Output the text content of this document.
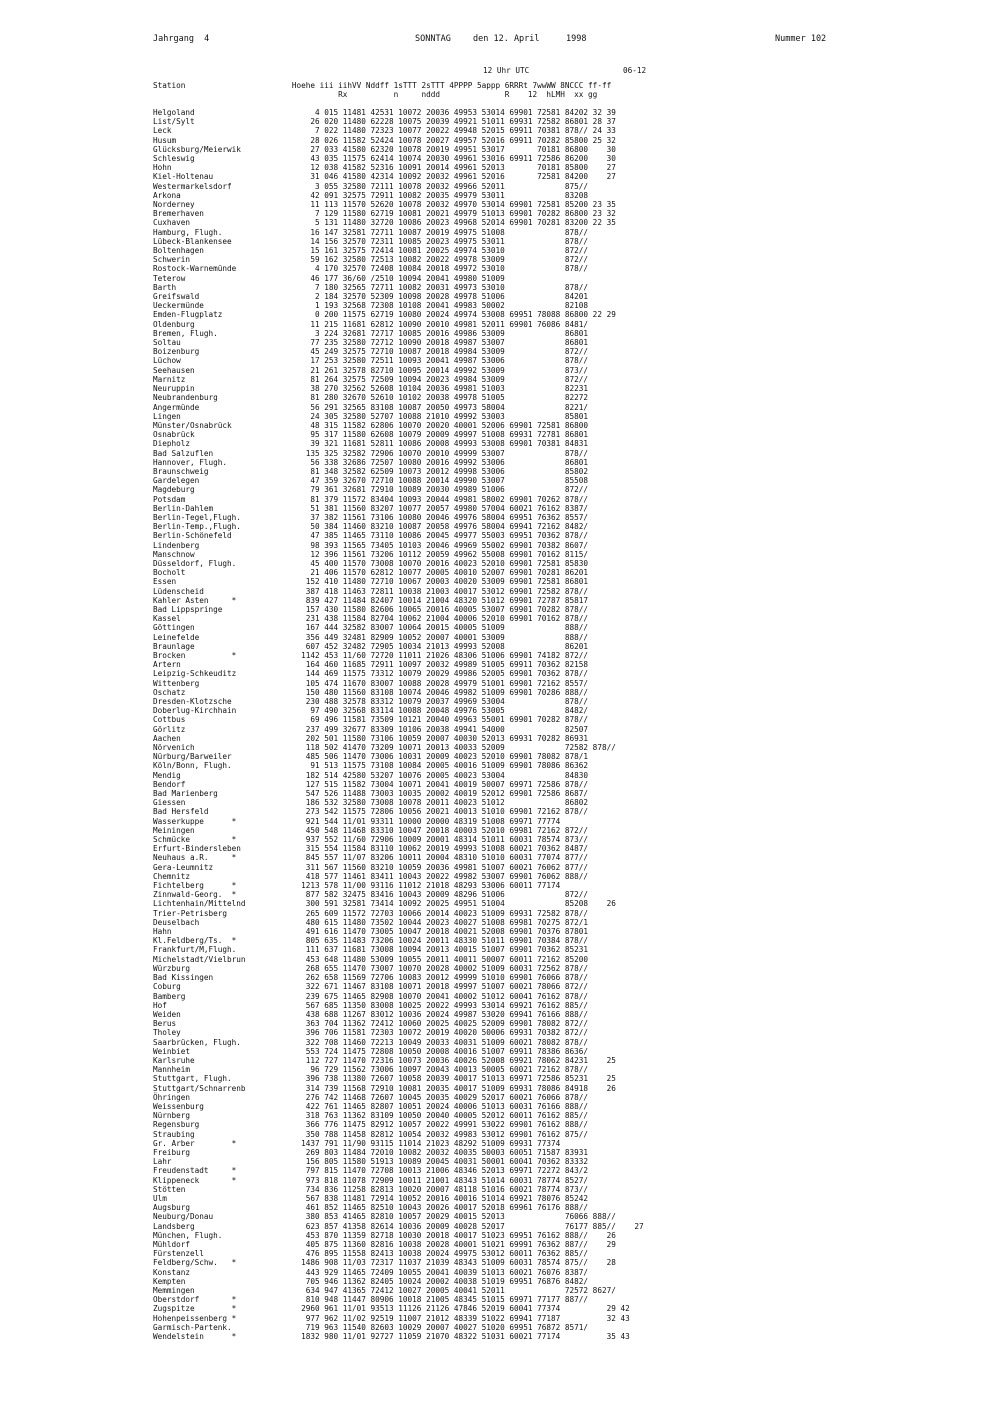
Jahrgang  4	SONNTAG	den 12. April	1998	Nummer 102
12 Uhr UTC	06-12
Station                       Hoehe iii iihVV Nddff 1sTTT 2sTTT 4PPPP 5appp 6RRRt 7wwWW 8NCCC ff-ff
Rx          n     nddd              R    12  hLMH  xx gg
Helgoland                          4 015 11481 42531 10072 20036 49953 53014 69901 72581 84202 32 39
List/Sylt                         26 020 11480 62228 10075 20039 49921 51011 69931 72582 86801 28 37
Leck                               7 022 11480 72323 10077 20022 49948 52015 69911 70381 878// 24 33
Husum                             28 026 11582 52424 10078 20027 49957 52016 69911 70282 85800 25 32
Glücksburg/Meierwik               27 033 41580 62320 10078 20019 49951 53017       70181 86800    30
Schleswig                         43 035 11575 62414 10074 20030 49961 53016 69911 72586 86200    30
Hohn                              12 038 41582 52316 10091 20014 49961 52013       70181 85800    27
Kiel-Holtenau                     31 046 41580 42314 10092 20032 49961 52016       72581 84200    27
Westermarkelsdorf                  3 055 32580 72111 10078 20032 49966 52011             875//
Arkona                            42 091 32575 72911 10082 20035 49979 53011             83208
Norderney                         11 113 11570 52620 10078 20032 49970 53014 69901 72581 85200 23 35
Bremerhaven                        7 129 11580 62719 10081 20021 49979 51013 69901 70282 86800 23 32
Cuxhaven                           5 131 11480 32720 10086 20023 49968 52014 69901 70281 83200 22 35
Hamburg, Flugh.                   16 147 32581 72711 10087 20019 49975 51008             878//
Lübeck-Blankensee                 14 156 32570 72311 10085 20023 49975 53011             878//
Boltenhagen                       15 161 32575 72414 10081 20025 49974 53010             872//
Schwerin                          59 162 32580 72513 10082 20022 49978 53009             872//
Rostock-Warnemünde                 4 170 32570 72408 10084 20018 49972 53010             878//
Teterow                           46 177 36/60 /2510 10094 20041 49980 51009
Barth                              7 180 32565 72711 10082 20031 49973 53010             878//
Greifswald                         2 184 32570 52309 10098 20028 49978 51006             84201
Ueckermünde                        1 193 32568 72308 10108 20041 49983 50002             82108
Emden-Flugplatz                    0 200 11575 62719 10080 20024 49974 53008 69951 78088 86800 22 29
Oldenburg                         11 215 11681 62812 10090 20010 49981 52011 69901 76086 8481/
Bremen, Flugh.                     3 224 32681 72717 10085 20016 49986 53009             86801
Soltau                            77 235 32580 72712 10090 20018 49987 53007             86801
Boizenburg                        45 249 32575 72710 10087 20018 49984 53009             872//
Lüchow                            17 253 32580 72511 10093 20041 49987 53006             878//
Seehausen                         21 261 32578 82710 10095 20014 49992 53009             873//
Marnitz                           81 264 32575 72509 10094 20023 49984 53009             872//
Neuruppin                         38 270 32562 52608 10104 20036 49981 51003             82231
Neubrandenburg                    81 280 32670 52610 10102 20038 49978 51005             82272
Angermünde                        56 291 32565 83108 10087 20050 49973 58004             8221/
Lingen                            24 305 32580 52707 10088 21010 49992 53003             85801
Münster/Osnabrück                 48 315 11582 62806 10070 20020 40001 52006 69901 72581 86800
Osnabrück                         95 317 11580 62608 10079 20009 49997 51008 69931 72781 86801
Diepholz                          39 321 11681 52811 10086 20008 49993 53008 69901 70381 84831
Bad Salzuflen                    135 325 32582 72906 10070 20010 49999 53007             878//
Hannover, Flugh.                  56 338 32686 72507 10080 20016 49992 53006             86801
Braunschweig                      81 348 32582 62509 10073 20012 49998 53006             85802
Gardelegen                        47 359 32670 72710 10088 20014 49990 53007             85508
Magdeburg                         79 361 32681 72910 10089 20030 49989 51006             872//
Potsdam                           81 379 11572 83404 10093 20044 49981 58002 69901 70262 878//
Berlin-Dahlem                     51 381 11560 83207 10077 20057 49980 57004 60021 76162 8387/
Berlin-Tegel,Flugh.               37 382 11561 73106 10080 20046 49976 58004 69951 76362 8557/
Berlin-Temp.,Flugh.               50 384 11460 83210 10087 20058 49976 58004 69941 72162 8482/
Berlin-Schönefeld                 47 385 11465 73110 10086 20045 49977 55003 69951 70362 878//
Lindenberg                        98 393 11565 73405 10103 20046 49969 55002 69901 70382 8607/
Manschnow                         12 396 11561 73206 10112 20059 49962 55008 69901 70162 8115/
Düsseldorf, Flugh.                45 400 11570 73008 10070 20016 40023 52010 69901 72581 85830
Bocholt                           21 406 11570 62812 10077 20005 40010 52007 69901 70281 86201
Essen                            152 410 11480 72710 10067 20003 40020 53009 69901 72581 86801
Lüdenscheid                      387 418 11463 72811 10038 21003 40017 53012 69901 72582 878//
Kahler Asten     *               839 427 11484 82407 10014 21004 48320 51012 69901 72787 85817
Bad Lippspringe                  157 430 11580 82606 10065 20016 40005 53007 69901 70282 878//
Kassel                           231 438 11584 82704 10062 21004 40006 52010 69901 70162 878//
Göttingen                        167 444 32582 83007 10064 20015 40005 51009             888//
Leinefelde                       356 449 32481 82909 10052 20007 40001 53009             888//
Braunlage                        607 452 32482 72905 10034 21013 49993 52008             86201
Brocken          *              1142 453 11/60 72720 11011 21026 48306 51006 69901 74182 872//
Artern                           164 460 11685 72911 10097 20032 49989 51005 69911 70362 82158
Leipzig-Schkeuditz               144 469 11575 73312 10079 20029 49986 52005 69901 70362 878//
Wittenberg                       105 474 11670 83007 10088 20028 49979 51001 69901 72162 8557/
Oschatz                          150 480 11560 83108 10074 20046 49982 51009 69901 70286 888//
Dresden-Klotzsche                230 488 32578 83312 10079 20037 49969 53004             878//
Doberlug-Kirchhain                97 490 32568 83114 10088 20048 49976 53005             8482/
Cottbus                           69 496 11581 73509 10121 20040 49963 55001 69901 70282 878//
Görlitz                          237 499 32677 83309 10106 20038 49941 54000             82507
Aachen                           202 501 11580 73106 10059 20007 40030 52013 69931 70282 86931
Nörvenich                        118 502 41470 73209 10071 20013 40033 52009             72582 878//
Nürburg/Barweiler                485 506 11470 73006 10031 20009 40023 52010 69901 78082 878/1
Köln/Bonn, Flugh.                 91 513 11575 73108 10084 20005 40016 51009 69901 78086 86362
Mendig                           182 514 42580 53207 10076 20005 40023 53004             84830
Bendorf                          127 515 11582 73004 10071 20041 40019 50007 69971 72586 878//
Bad Marienberg                   547 526 11488 73003 10035 20002 40019 52012 69901 72586 8687/
Giessen                          186 532 32580 73008 10078 20011 40023 51012             86802
Bad Hersfeld                     273 542 11575 72806 10056 20021 40013 51010 69901 72162 878//
Wasserkuppe      *               921 544 11/01 93311 10000 20000 48319 51008 69971 77774
Meiningen                        450 548 11468 83310 10047 20018 40003 52010 69981 72162 872//
Schmücke         *               937 552 11/60 72906 10009 20001 48314 51011 60031 78574 873//
Erfurt-Bindersleben              315 554 11584 83110 10062 20019 49993 51008 60021 70362 8487/
Neuhaus a.R.     *               845 557 11/07 83206 10011 20004 48310 51010 60031 77074 877//
Gera-Leumnitz                    311 567 11560 83210 10059 20036 49981 51007 60021 76062 877//
Chemnitz                         418 577 11461 83411 10043 20022 49982 53007 69901 76062 888//
Fichtelberg      *              1213 578 11/00 93116 11012 21018 48293 53006 60011 77174
Zinnwald-Georg.  *               877 582 32475 83416 10043 20009 48296 51006             872//
Lichtenhain/Mittelnd             300 591 32581 73414 10092 20025 49951 51004             85208    26
Trier-Petrisberg                 265 609 11572 72703 10066 20014 40023 51009 69931 72582 878//
Deuselbach                       480 615 11480 73502 10044 20023 40027 51008 69981 70275 872/1
Hahn                             491 616 11470 73005 10047 20018 40021 52008 69901 70376 87801
Kl.Feldberg/Ts.  *               805 635 11483 73206 10024 20011 48330 51011 69901 70384 878//
Frankfurt/M,Flugh.               111 637 11681 73008 10094 20013 40015 51007 69901 70362 85231
Michelstadt/Vielbrun             453 648 11480 53009 10055 20011 40011 50007 60011 72162 85200
Würzburg                         268 655 11470 73007 10070 20028 40002 51009 60031 72562 878//
Bad Kissingen                    262 658 11569 72706 10083 20012 49999 51010 69901 76066 878//
Coburg                           322 671 11467 83108 10071 20018 49997 51007 60021 78066 872//
Bamberg                          239 675 11465 82908 10070 20041 40002 51012 60041 76162 878//
Hof                              567 685 11350 83008 10025 20022 49993 53014 69921 76162 885//
Weiden                           438 688 11267 83012 10036 20024 49987 53020 69941 76166 888//
Berus                            363 704 11362 72412 10060 20025 40025 52009 69901 78082 872//
Tholey                           396 706 11581 72303 10072 20019 40020 50006 69931 70382 872//
Saarbrücken, Flugh.              322 708 11460 72213 10049 20033 40031 51009 60021 78082 878//
Weinbiet                         553 724 11475 72808 10050 20008 40016 51007 69911 78386 8636/
Karlsruhe                        112 727 11470 72316 10073 20036 40026 52008 69921 78062 84231    25
Mannheim                          96 729 11562 73006 10097 20043 40013 50005 60021 72162 878//
Stuttgart, Flugh.                396 738 11380 72607 10058 20039 40017 51013 69971 72586 85231    25
Stuttgart/Schnarrenb             314 739 11568 72910 10081 20035 40017 51009 69931 78086 84918    26
Öhringen                         276 742 11468 72607 10045 20035 40029 52017 60021 76066 878//
Weissenburg                      422 761 11465 82807 10051 20024 40006 51013 60031 76166 888//
Nürnberg                         318 763 11362 83109 10050 20040 40005 52012 60011 76162 885//
Regensburg                       366 776 11475 82912 10057 20022 49991 53022 69901 76162 888//
Straubing                        350 788 11458 82812 10054 20032 49983 53012 69901 76162 875//
Gr. Arber        *              1437 791 11/90 93115 11014 21023 48292 51009 69931 77374
Freiburg                         269 803 11484 72010 10082 20032 40035 50003 60051 71587 83931
Lahr                             156 805 11580 51913 10089 20045 40031 50001 60041 70362 83332
Freudenstadt     *               797 815 11470 72708 10013 21006 48346 52013 69971 72272 843/2
Klippeneck       *               973 818 11078 72909 10011 21001 48343 51014 60031 78774 8527/
Stötten                          734 836 11258 82813 10020 20007 48118 51016 60021 78774 873//
Ulm                              567 838 11481 72914 10052 20016 40016 51014 69921 78076 85242
Augsburg                         461 852 11465 82510 10043 20026 40017 52018 69961 76176 888//
Neuburg/Donau                    380 853 41465 82810 10057 20029 40015 52013             76066 888//
Landsberg                        623 857 41358 82614 10036 20009 40028 52017             76177 885//    27
München, Flugh.                  453 870 11359 82718 10030 20018 40017 51023 69951 76162 888//    26
Mühldorf                         405 875 11360 82816 10038 20028 40001 51021 69991 76362 887//    29
Fürstenzell                      476 895 11558 82413 10038 20024 49975 53012 60011 76362 885//
Feldberg/Schw.   *              1486 908 11/03 72317 11037 21039 48343 51009 60031 78574 875//    28
Konstanz                         443 929 11465 72409 10055 20041 40039 51013 60021 76076 8387/
Kempten                          705 946 11362 82405 10024 20002 40038 51019 69951 76876 8482/
Memmingen                        634 947 41365 72412 10027 20005 40041 52011             72572 8627/
Oberstdorf       *               810 948 11447 80906 10018 21005 48345 51015 69971 77177 887//
Zugspitze        *              2960 961 11/01 93513 11126 21126 47846 52019 60041 77374          29 42
Hohenpeissenberg *               977 962 11/02 92519 11007 21012 48339 51022 69941 77187          32 43
Garmisch-Partenk.                719 963 11540 82603 10029 20007 40027 51020 69951 76872 8571/
Wendelstein      *              1832 980 11/01 92727 11059 21070 48322 51031 60021 77174          35 43
